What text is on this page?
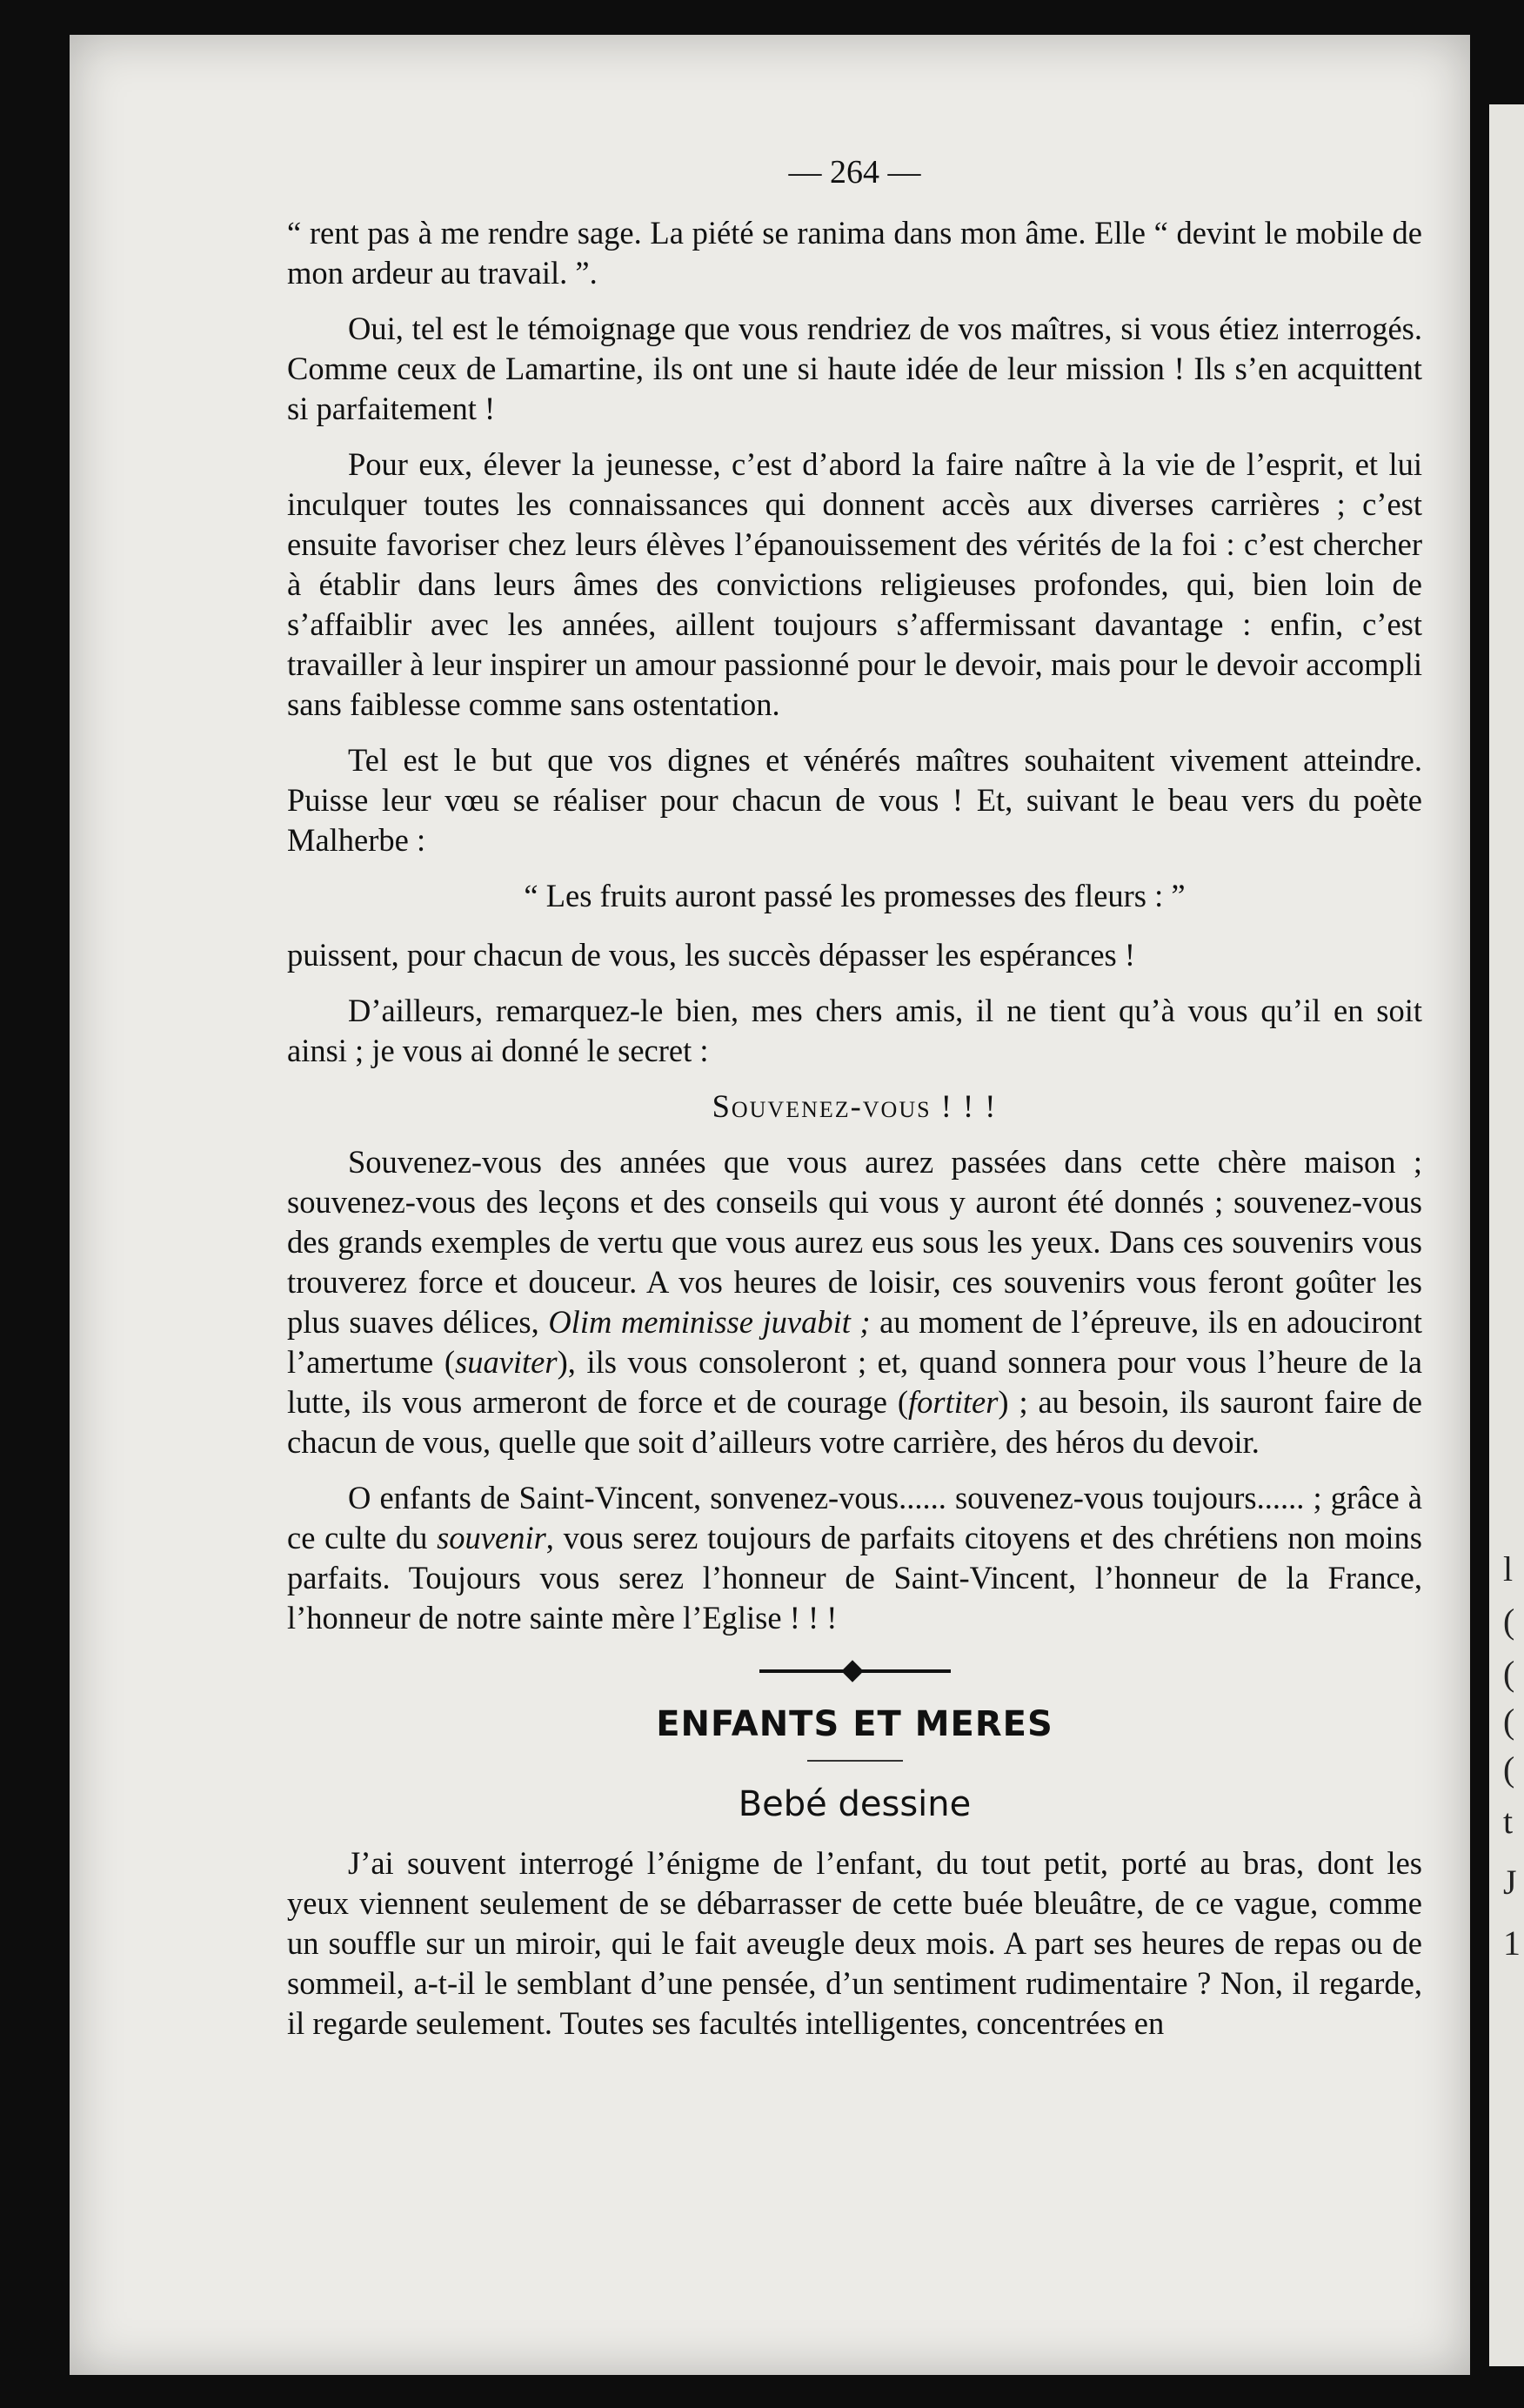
l
(
(
(
(
t
J
1
— 264 —

“ rent pas à me rendre sage. La piété se ranima dans mon âme. Elle “ devint le mobile de mon ardeur au travail. ”.

Oui, tel est le témoignage que vous rendriez de vos maîtres, si vous étiez interrogés. Comme ceux de Lamartine, ils ont une si haute idée de leur mission ! Ils s’en acquittent si parfaitement !

Pour eux, élever la jeunesse, c’est d’abord la faire naître à la vie de l’esprit, et lui inculquer toutes les connaissances qui donnent accès aux diverses carrières ; c’est ensuite favoriser chez leurs élèves l’épanouissement des vérités de la foi : c’est chercher à établir dans leurs âmes des convictions religieuses profondes, qui, bien loin de s’affaiblir avec les années, aillent toujours s’affermissant davantage : enfin, c’est travailler à leur inspirer un amour passionné pour le devoir, mais pour le devoir accompli sans faiblesse comme sans ostentation.

Tel est le but que vos dignes et vénérés maîtres souhaitent vivement atteindre. Puisse leur vœu se réaliser pour chacun de vous ! Et, suivant le beau vers du poète Malherbe :

“ Les fruits auront passé les promesses des fleurs : ”

puissent, pour chacun de vous, les succès dépasser les espérances !

D’ailleurs, remarquez-le bien, mes chers amis, il ne tient qu’à vous qu’il en soit ainsi ; je vous ai donné le secret :

Souvenez-vous ! ! !

Souvenez-vous des années que vous aurez passées dans cette chère maison ; souvenez-vous des leçons et des conseils qui vous y auront été donnés ; souvenez-vous des grands exemples de vertu que vous aurez eus sous les yeux. Dans ces souvenirs vous trouverez force et douceur. A vos heures de loisir, ces souvenirs vous feront goûter les plus suaves délices, Olim meminisse juvabit ; au moment de l’épreuve, ils en adouciront l’amertume (suaviter), ils vous consoleront ; et, quand sonnera pour vous l’heure de la lutte, ils vous armeront de force et de courage (fortiter) ; au besoin, ils sauront faire de chacun de vous, quelle que soit d’ailleurs votre carrière, des héros du devoir.

O enfants de Saint-Vincent, sonvenez-vous...... souvenez-vous toujours...... ; grâce à ce culte du souvenir, vous serez toujours de parfaits citoyens et des chrétiens non moins parfaits. Toujours vous serez l’honneur de Saint-Vincent, l’honneur de la France, l’honneur de notre sainte mère l’Eglise ! ! !

ENFANTS ET MERES
Bebé dessine

J’ai souvent interrogé l’énigme de l’enfant, du tout petit, porté au bras, dont les yeux viennent seulement de se débarrasser de cette buée bleuâtre, de ce vague, comme un souffle sur un miroir, qui le fait aveugle deux mois. A part ses heures de repas ou de sommeil, a-t-il le semblant d’une pensée, d’un sentiment rudimentaire ? Non, il regarde, il regarde seulement. Toutes ses facultés intelligentes, concentrées en
